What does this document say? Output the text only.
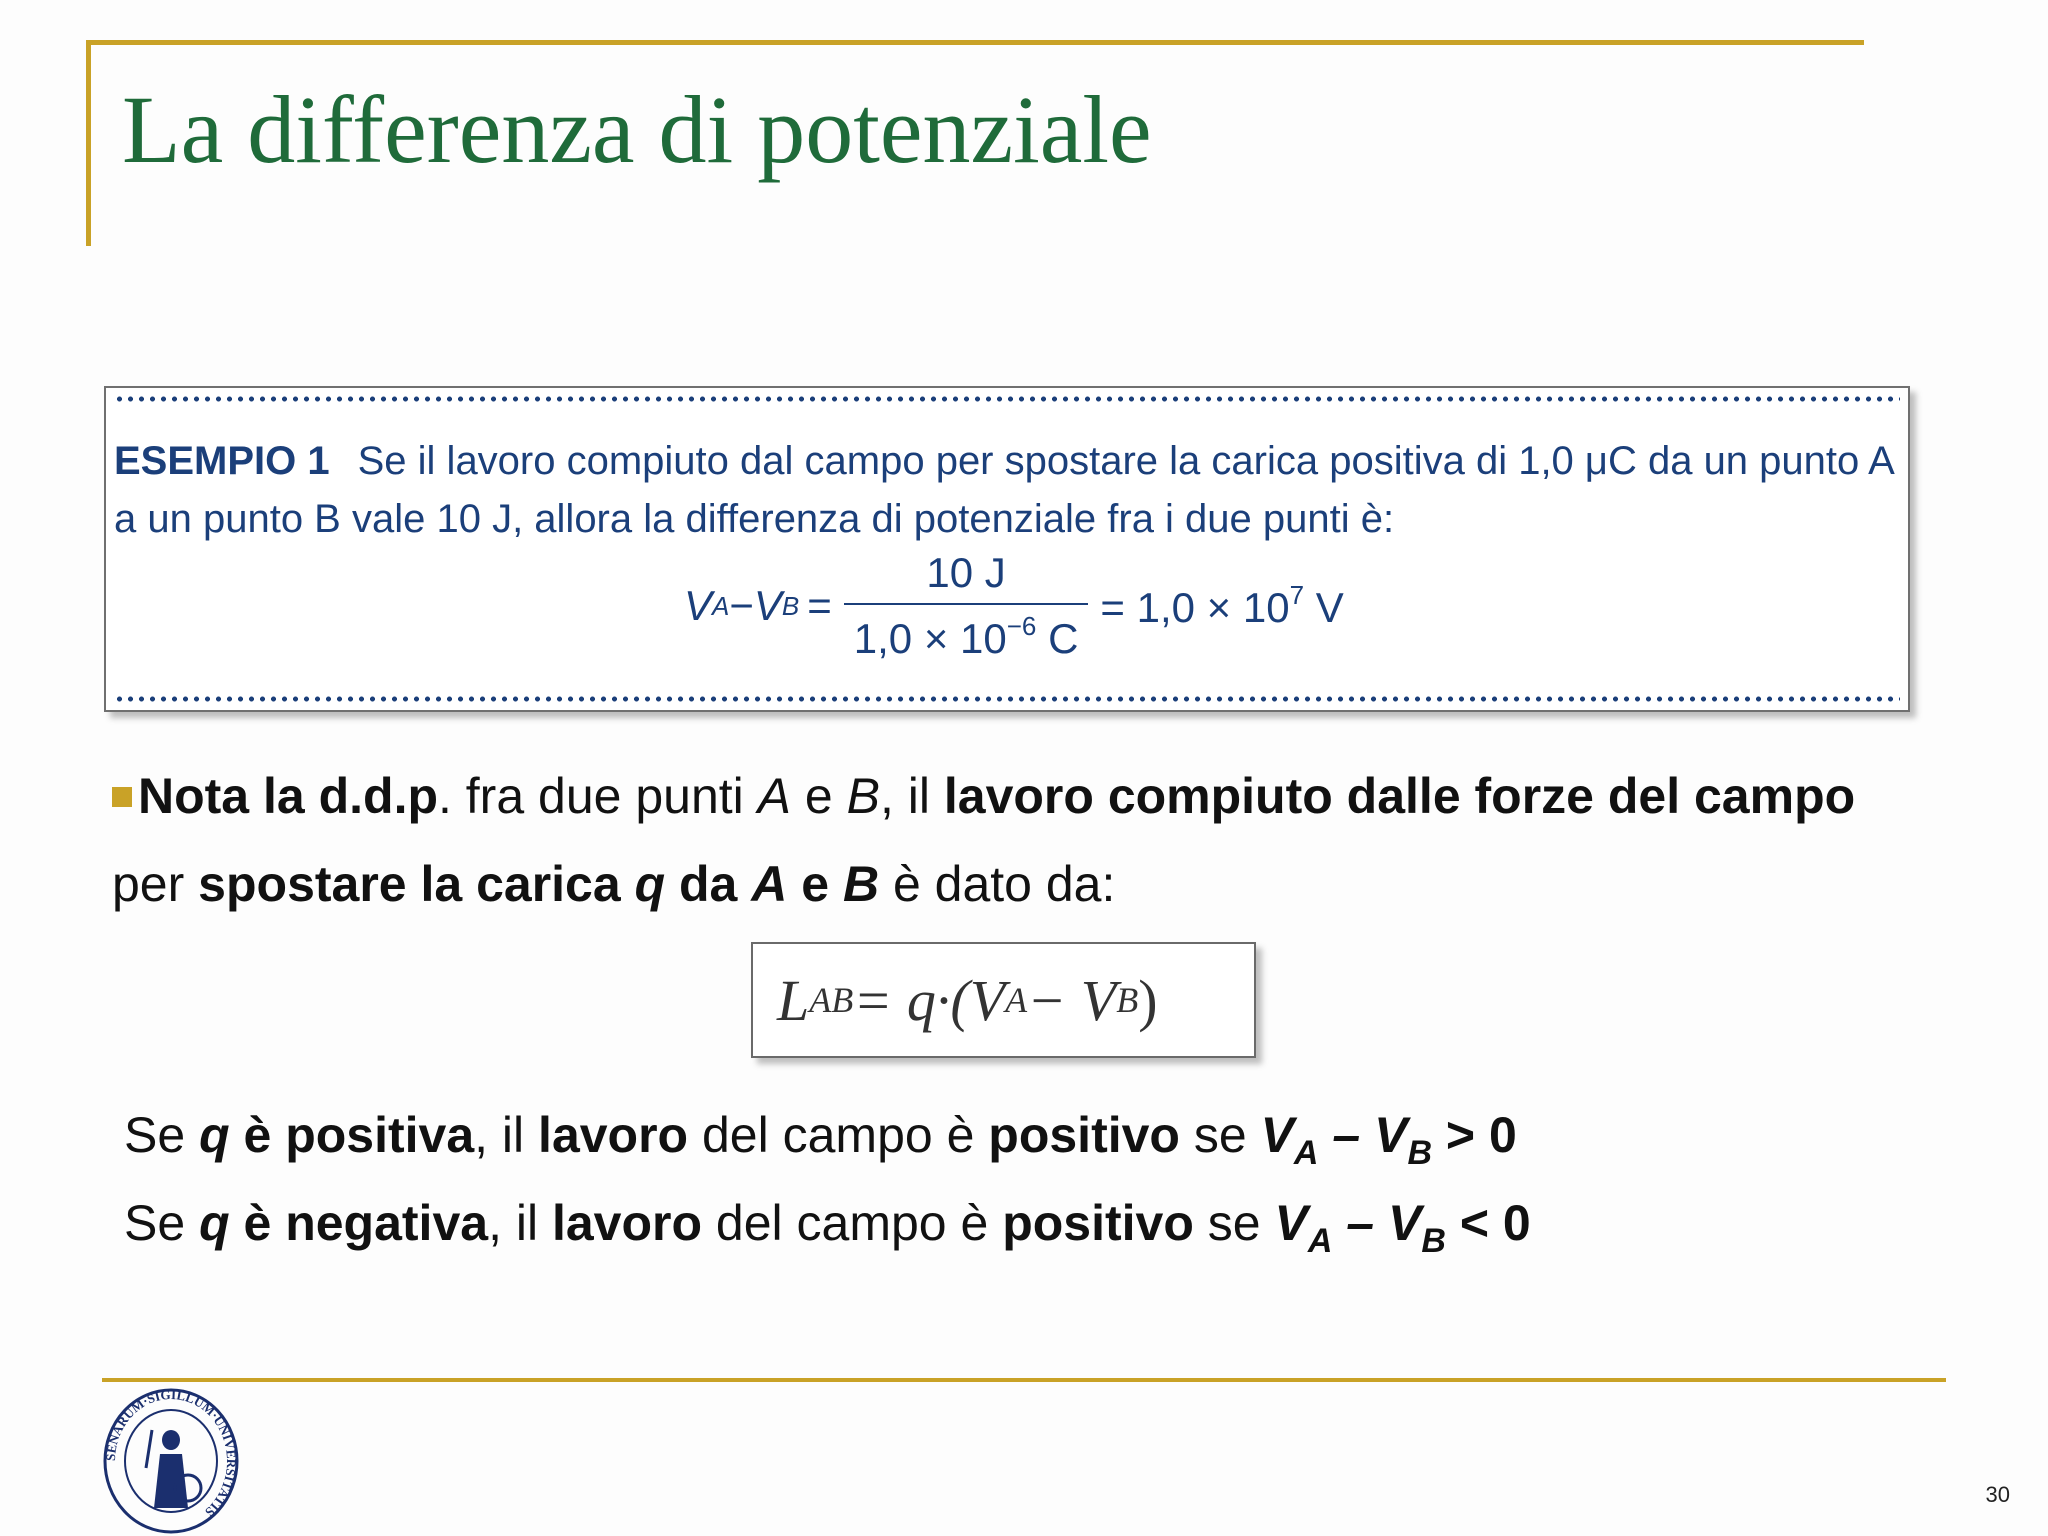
La differenza di potenziale
ESEMPIO 1 Se il lavoro compiuto dal campo per spostare la carica positiva di 1,0 μC da un punto A a un punto B vale 10 J, allora la differenza di potenziale fra i due punti è:
V A − V $B = \frac{10 J}{1,0 \times 10^{-6} C} = 1,0 \times 10^7$ V
Nota la d.d.p. fra due punti A e B, il lavoro compiuto dalle forze del campo per spostare la carica q da A e B è dato da:
L AB = q·(V A − V B )
Se q è positiva, il lavoro del campo è positivo se $V_A - V_B > 0$
Se q è negativa, il lavoro del campo è positivo se $V_A - V_B < 0$
SENARUM·SIGILLUM·UNIVERSITATIS
30
